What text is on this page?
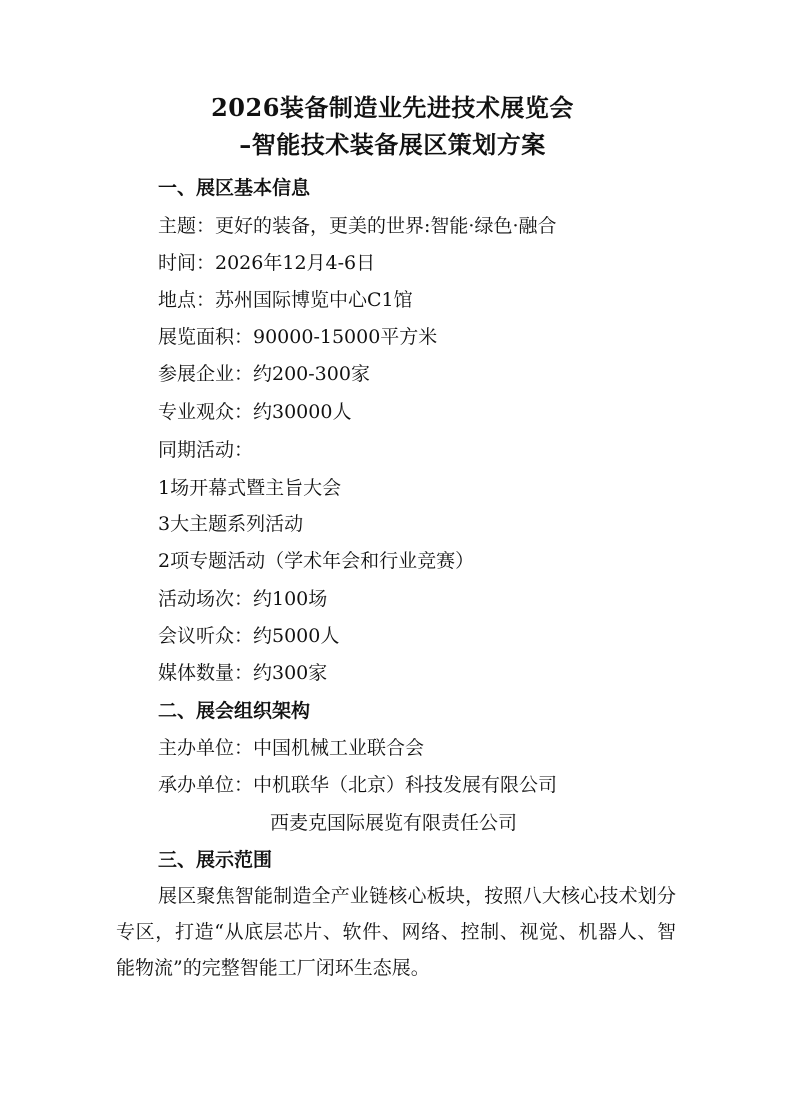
2026装备制造业先进技术展览会
–智能技术装备展区策划方案
一、展区基本信息
主题：更好的装备，更美的世界:智能·绿色·融合
时间：2026年12月4-6日
地点：苏州国际博览中心C1馆
展览面积：90000-15000平方米
参展企业：约200-300家
专业观众：约30000人
同期活动：
1场开幕式暨主旨大会
3大主题系列活动
2项专题活动（学术年会和行业竞赛）
活动场次：约100场
会议听众：约5000人
媒体数量：约300家
二、展会组织架构
主办单位：中国机械工业联合会
承办单位：中机联华（北京）科技发展有限公司
西麦克国际展览有限责任公司
三、展示范围
展区聚焦智能制造全产业链核心板块，按照八大核心技术划分专区，打造“从底层芯片、软件、网络、控制、视觉、机器人、智能物流”的完整智能工厂闭环生态展。
